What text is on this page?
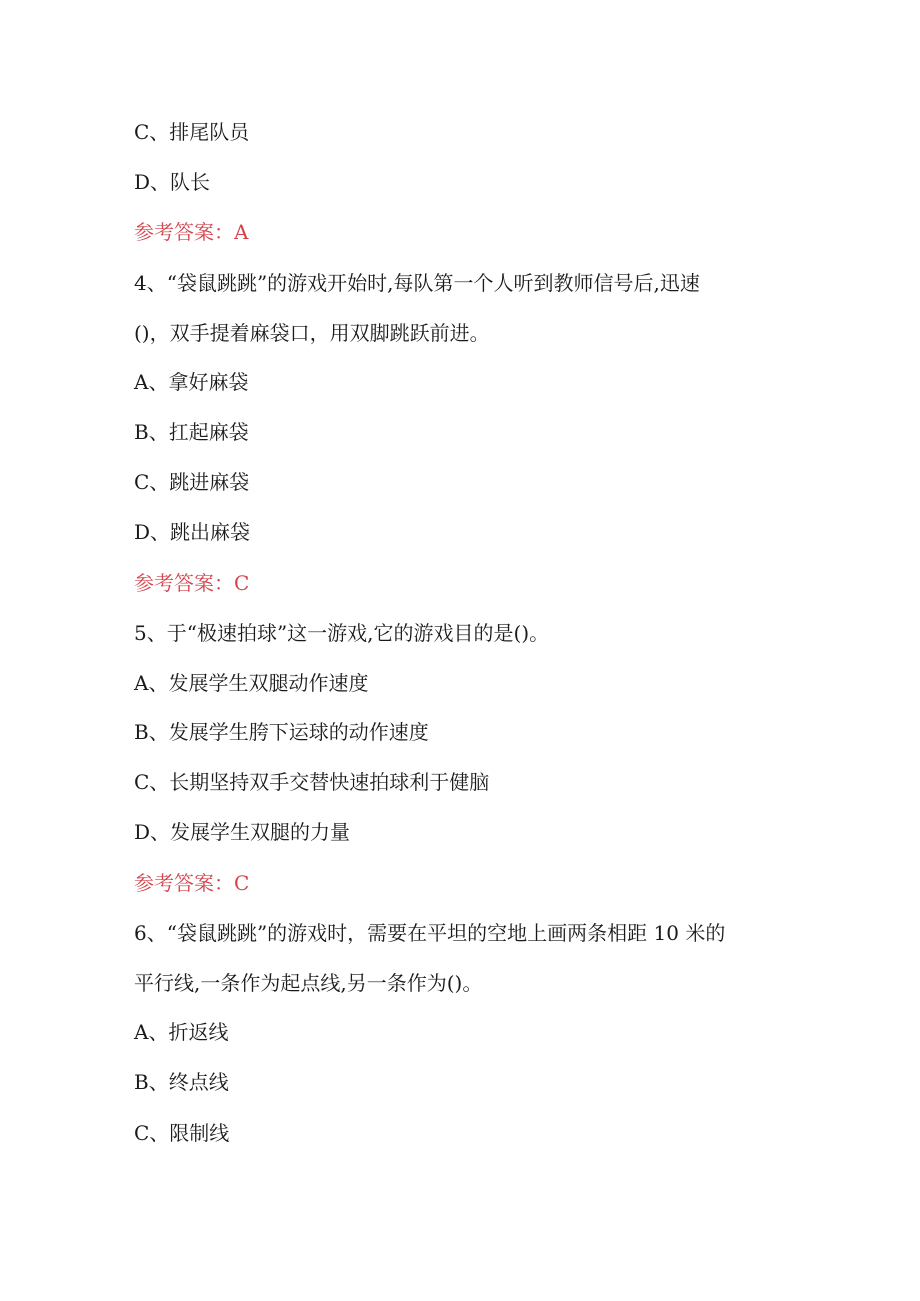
C、排尾队员
D、队长
参考答案：A
4、“袋鼠跳跳”的游戏开始时,每队第一个人听到教师信号后,迅速
()，双手提着麻袋口，用双脚跳跃前进。
A、拿好麻袋
B、扛起麻袋
C、跳进麻袋
D、跳出麻袋
参考答案：C
5、于“极速拍球”这一游戏,它的游戏目的是()。
A、发展学生双腿动作速度
B、发展学生胯下运球的动作速度
C、长期坚持双手交替快速拍球利于健脑
D、发展学生双腿的力量
参考答案：C
6、“袋鼠跳跳”的游戏时，需要在平坦的空地上画两条相距 10 米的
平行线,一条作为起点线,另一条作为()。
A、折返线
B、终点线
C、限制线
